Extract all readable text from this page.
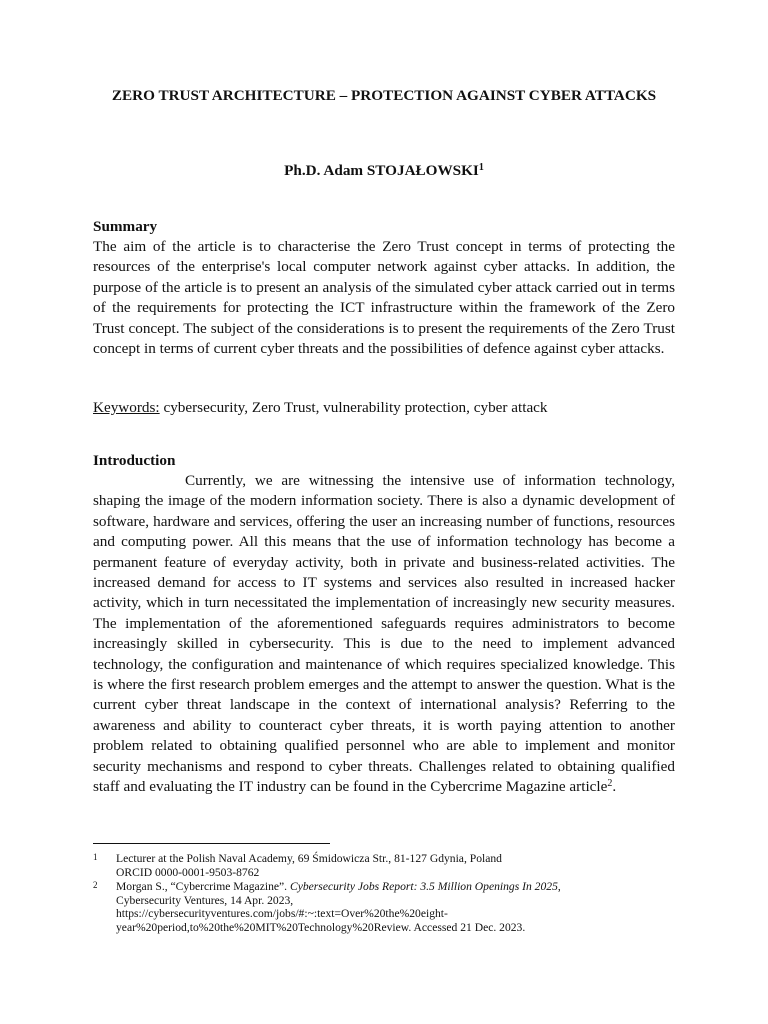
ZERO TRUST ARCHITECTURE – PROTECTION AGAINST CYBER ATTACKS
Ph.D. Adam STOJAŁOWSKI$^1$
Summary

The aim of the article is to characterise the Zero Trust concept in terms of protecting the resources of the enterprise's local computer network against cyber attacks. In addition, the purpose of the article is to present an analysis of the simulated cyber attack carried out in terms of the requirements for protecting the ICT infrastructure within the framework of the Zero Trust concept. The subject of the considerations is to present the requirements of the Zero Trust concept in terms of current cyber threats and the possibilities of defence against cyber attacks.

Keywords: cybersecurity, Zero Trust, vulnerability protection, cyber attack

Introduction

Currently, we are witnessing the intensive use of information technology, shaping the image of the modern information society. There is also a dynamic development of software, hardware and services, offering the user an increasing number of functions, resources and computing power. All this means that the use of information technology has become a permanent feature of everyday activity, both in private and business-related activities. The increased demand for access to IT systems and services also resulted in increased hacker activity, which in turn necessitated the implementation of increasingly new security measures. The implementation of the aforementioned safeguards requires administrators to become increasingly skilled in cybersecurity. This is due to the need to implement advanced technology, the configuration and maintenance of which requires specialized knowledge. This is where the first research problem emerges and the attempt to answer the question. What is the current cyber threat landscape in the context of international analysis? Referring to the awareness and ability to counteract cyber threats, it is worth paying attention to another problem related to obtaining qualified personnel who are able to implement and monitor security mechanisms and respond to cyber threats. Challenges related to obtaining qualified staff and evaluating the IT industry can be found in the Cybercrime Magazine article$^2$.

1 Lecturer at the Polish Naval Academy, 69 Śmidowicza Str., 81-127 Gdynia, Poland
ORCID 0000-0001-9503-8762
2 Morgan S., “Cybercrime Magazine”. Cybersecurity Jobs Report: 3.5 Million Openings In 2025, Cybersecurity Ventures, 14 Apr. 2023, https://cybersecurityventures.com/jobs/#:~:text=Over%20the%20eight-year%20period,to%20the%20MIT%20Technology%20Review. Accessed 21 Dec. 2023.
